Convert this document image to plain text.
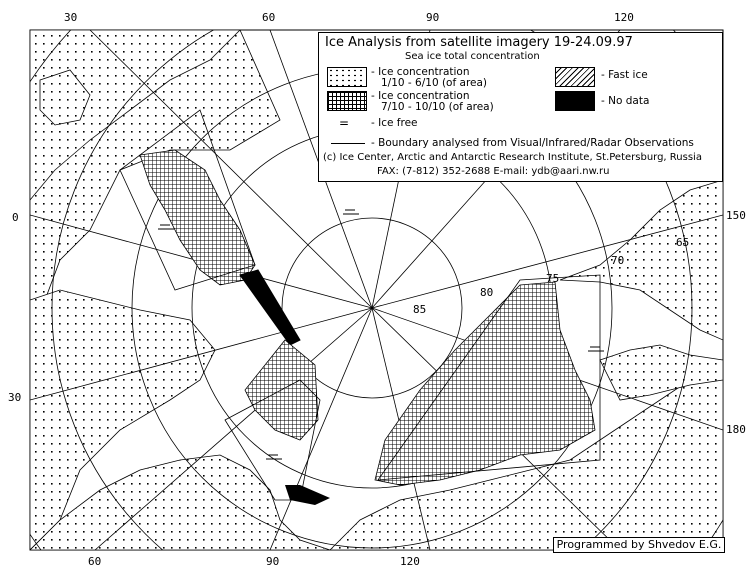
85
80
75
70
65
30	60	90	120
0
30
60	90	120
150
180
Ice Analysis from satellite imagery 19-24.09.97
Sea ice total concentration
- Ice concentration
1/10 - 6/10 (of area)
- Ice concentration
7/10 - 10/10 (of area)
= - Ice free
- Fast ice
- No data
- Boundary analysed from Visual/Infrared/Radar Observations
(c) Ice Center, Arctic and Antarctic Research Institute, St.Petersburg, Russia
FAX: (7-812) 352-2688 E-mail: ydb@aari.nw.ru
Programmed by Shvedov E.G.
